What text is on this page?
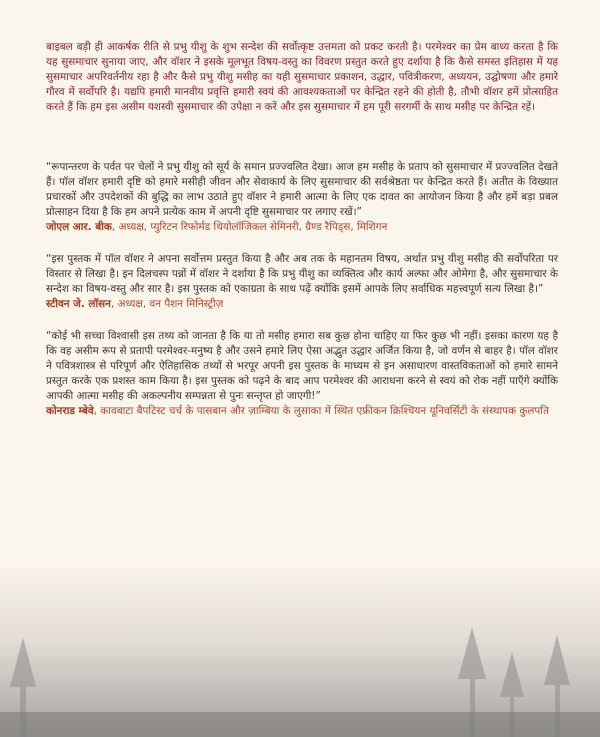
बाइबल बड़ी ही आकर्षक रीति से प्रभु यीशु के शुभ सन्देश की सर्वोत्कृष्ट उत्तमता को प्रकट करती है। परमेश्वर का प्रेम बाध्य करता है कि यह सुसमाचार सुनाया जाए, और वॉशर ने इसके मूलभूत विषय-वस्तु का विवरण प्रस्तुत करते हुए दर्शाया है कि कैसे समस्त इतिहास में यह सुसमाचार अपरिवर्तनीय रहा है और कैसे प्रभु यीशु मसीह का यही सुसमाचार प्रकाशन, उद्धार, पवित्रीकरण, अध्ययन, उद्घोषणा और हमारे गौरव में सर्वोपरि है। यद्यपि हमारी मानवीय प्रवृत्ति हमारी स्वयं की आवश्यकताओं पर केन्द्रित रहने की होती है, तौभी वॉशर हमें प्रोत्साहित करते हैं कि हम इस असीम यशस्वी सुसमाचार की उपेक्षा न करें और इस सुसमाचार में हम पूरी सरगर्मी के साथ मसीह पर केन्द्रित रहें।

“रूपान्तरण के पर्वत पर चेलों ने प्रभु यीशु को सूर्य के समान प्रज्ज्वलित देखा। आज हम मसीह के प्रताप को सुसमाचार में प्रज्ज्वलित देखते हैं। पॉल वॉशर हमारी दृष्टि को हमारे मसीही जीवन और सेवाकार्य के लिए सुसमाचार की सर्वश्रेष्ठता पर केन्द्रित करते हैं। अतीत के विख्यात प्रचारकों और उपदेशकों की बुद्धि का लाभ उठाते हुए वॉशर ने हमारी आत्मा के लिए एक दावत का आयोजन किया है और हमें बड़ा प्रबल प्रोत्साहन दिया है कि हम अपने प्रत्येक काम में अपनी दृष्टि सुसमाचार पर लगाए रखें।”

जोएल आर. बीक, अध्यक्ष, प्युरिटन रिफोर्मड थियोलॉजिकल सेमिनरी, ग्रैण्ड रैपिड्स, मिशिगन

“इस पुस्तक में पॉल वॉशर ने अपना सर्वोत्तम प्रस्तुत किया है और अब तक के महानतम विषय, अर्थात प्रभु यीशु मसीह की सर्वोपरिता पर विस्तार से लिखा है। इन दिलचस्प पन्नों में वॉशर ने दर्शाया है कि प्रभु यीशु का व्यक्तित्व और कार्य अल्फा और ओमेगा है, और सुसमाचार के सन्देश का विषय-वस्तु और सार है। इस पुस्तक को एकाग्रता के साथ पढ़ें क्योंकि इसमें आपके लिए सर्वाधिक महत्त्वपूर्ण सत्य लिखा है।”

स्टीवन जे. लॉसन, अध्यक्ष, वन पैशन मिनिस्ट्रीज़

“कोई भी सच्चा विश्वासी इस तथ्य को जानता है कि या तो मसीह हमारा सब कुछ होना चाहिए या फिर कुछ भी नहीं। इसका कारण यह है कि वह असीम रूप से प्रतापी परमेश्वर-मनुष्य है और उसने हमारे लिए ऐसा अद्भुत उद्धार अर्जित किया है, जो वर्णन से बाहर है। पॉल वॉशर ने पवित्रशास्त्र से परिपूर्ण और ऐतिहासिक तथ्यों से भरपूर अपनी इस पुस्तक के माध्यम से इन असाधारण वास्तविकताओं को हमारे सामने प्रस्तुत करके एक प्रशस्त काम किया है। इस पुस्तक को पढ़ने के बाद आप परमेश्वर की आराधना करने से स्वयं को रोक नहीं पाएँगे क्योंकि आपकी आत्मा मसीह की अकल्पनीय सम्पन्नता से पुनः सन्तृप्त हो जाएगी!”

कोनराड म्बेवे, कावबाटा बैपटिस्ट चर्च के पासबान और ज़ाम्बिया के लुसाका में स्थित एफ्रीकन क्रिश्चियन यूनिवर्सिटी के संस्थापक कुलपति
